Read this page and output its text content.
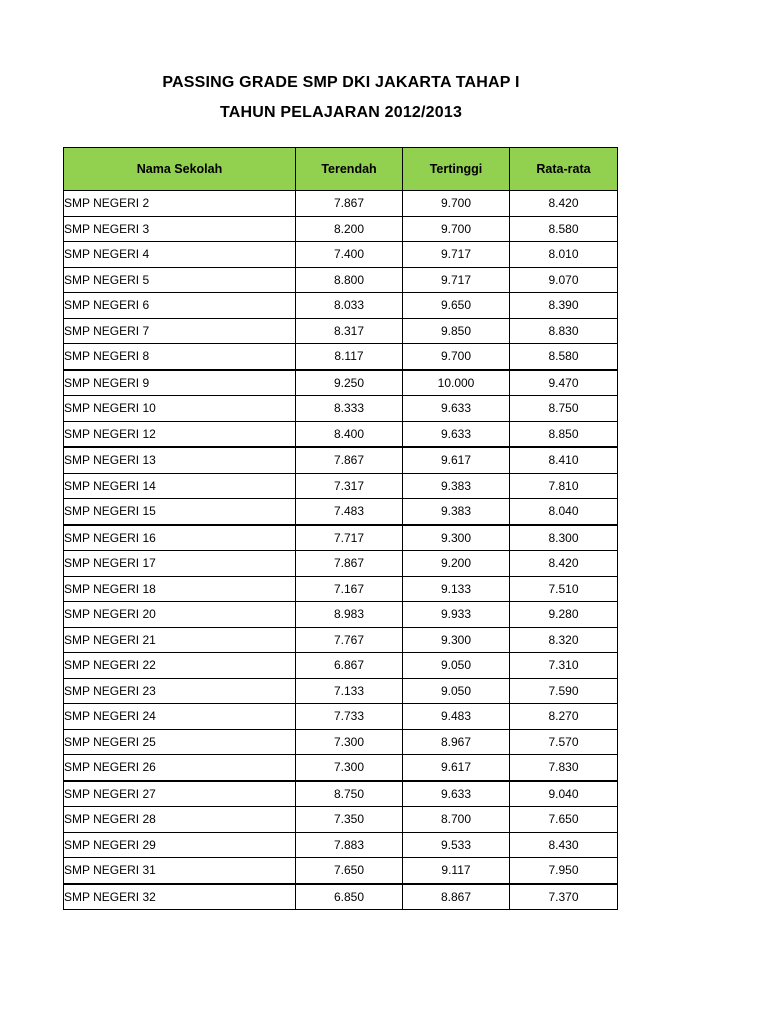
PASSING GRADE SMP DKI JAKARTA TAHAP I
TAHUN PELAJARAN 2012/2013
Nama Sekolah	Terendah	Tertinggi	Rata-rata
SMP NEGERI 2	7.867	9.700	8.420
SMP NEGERI 3	8.200	9.700	8.580
SMP NEGERI 4	7.400	9.717	8.010
SMP NEGERI 5	8.800	9.717	9.070
SMP NEGERI 6	8.033	9.650	8.390
SMP NEGERI 7	8.317	9.850	8.830
SMP NEGERI 8	8.117	9.700	8.580
SMP NEGERI 9	9.250	10.000	9.470
SMP NEGERI 10	8.333	9.633	8.750
SMP NEGERI 12	8.400	9.633	8.850
SMP NEGERI 13	7.867	9.617	8.410
SMP NEGERI 14	7.317	9.383	7.810
SMP NEGERI 15	7.483	9.383	8.040
SMP NEGERI 16	7.717	9.300	8.300
SMP NEGERI 17	7.867	9.200	8.420
SMP NEGERI 18	7.167	9.133	7.510
SMP NEGERI 20	8.983	9.933	9.280
SMP NEGERI 21	7.767	9.300	8.320
SMP NEGERI 22	6.867	9.050	7.310
SMP NEGERI 23	7.133	9.050	7.590
SMP NEGERI 24	7.733	9.483	8.270
SMP NEGERI 25	7.300	8.967	7.570
SMP NEGERI 26	7.300	9.617	7.830
SMP NEGERI 27	8.750	9.633	9.040
SMP NEGERI 28	7.350	8.700	7.650
SMP NEGERI 29	7.883	9.533	8.430
SMP NEGERI 31	7.650	9.117	7.950
SMP NEGERI 32	6.850	8.867	7.370
